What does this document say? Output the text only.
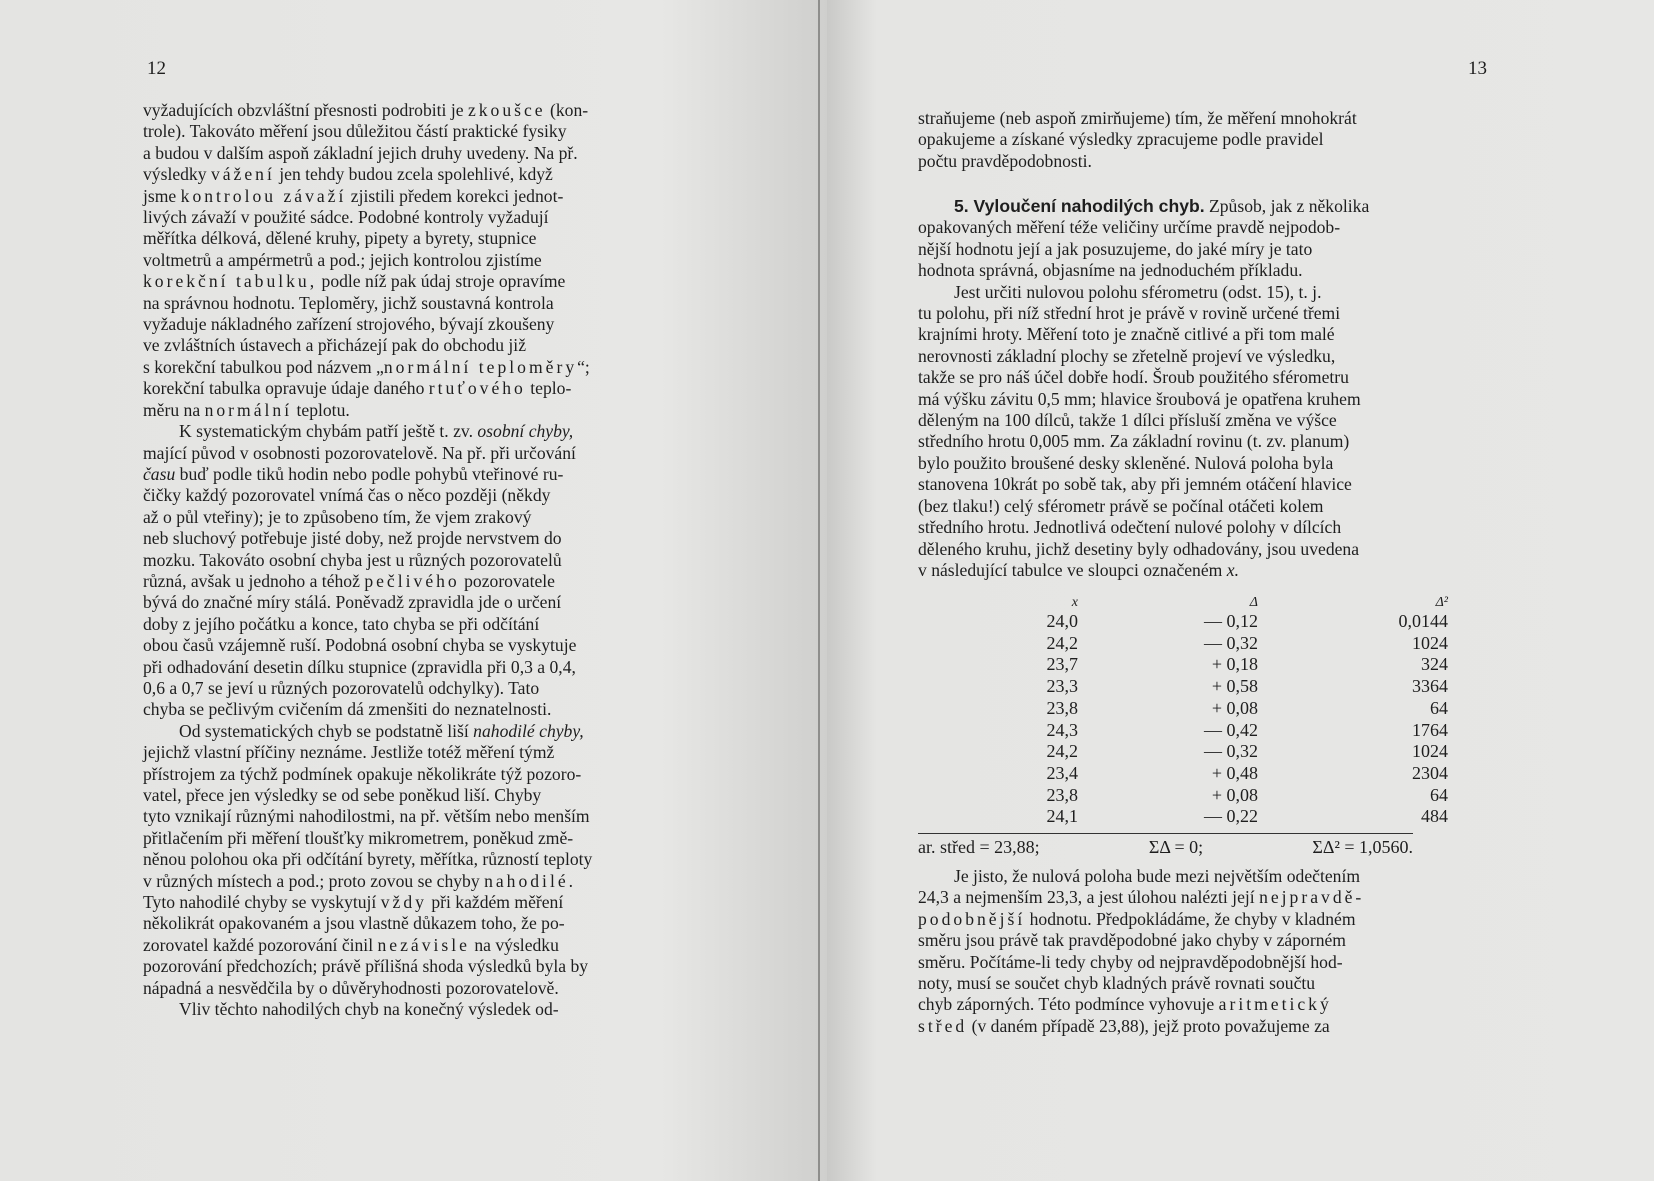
12

vyžadujících obzvláštní přesnosti podrobiti je zkoušce (kon-

trole). Takováto měření jsou důležitou částí praktické fysiky

a budou v dalším aspoň základní jejich druhy uvedeny. Na př.

výsledky vážení jen tehdy budou zcela spolehlivé, když

jsme kontrolou závaží zjistili předem korekci jednot-

livých závaží v použité sádce. Podobné kontroly vyžadují

měřítka délková, dělené kruhy, pipety a byrety, stupnice

voltmetrů a ampérmetrů a pod.; jejich kontrolou zjistíme

korekční tabulku, podle níž pak údaj stroje opravíme

na správnou hodnotu. Teploměry, jichž soustavná kontrola

vyžaduje nákladného zařízení strojového, bývají zkoušeny

ve zvláštních ústavech a přicházejí pak do obchodu již

s korekční tabulkou pod názvem „normální teploměry“;

korekční tabulka opravuje údaje daného rtuťového teplo-

měru na normální teplotu.

K systematickým chybám patří ještě t. zv. osobní chyby,

mající původ v osobnosti pozorovatelově. Na př. při určování

času buď podle tiků hodin nebo podle pohybů vteřinové ru-

čičky každý pozorovatel vnímá čas o něco později (někdy

až o půl vteřiny); je to způsobeno tím, že vjem zrakový

neb sluchový potřebuje jisté doby, než projde nervstvem do

mozku. Takováto osobní chyba jest u různých pozorovatelů

různá, avšak u jednoho a téhož pečlivého pozorovatele

bývá do značné míry stálá. Poněvadž zpravidla jde o určení

doby z jejího počátku a konce, tato chyba se při odčítání

obou časů vzájemně ruší. Podobná osobní chyba se vyskytuje

při odhadování desetin dílku stupnice (zpravidla při 0,3 a 0,4,

0,6 a 0,7 se jeví u různých pozorovatelů odchylky). Tato

chyba se pečlivým cvičením dá zmenšiti do neznatelnosti.

Od systematických chyb se podstatně liší nahodilé chyby,

jejichž vlastní příčiny neznáme. Jestliže totéž měření týmž

přístrojem za týchž podmínek opakuje několikráte týž pozoro-

vatel, přece jen výsledky se od sebe poněkud liší. Chyby

tyto vznikají různými nahodilostmi, na př. větším nebo menším

přitlačením při měření tloušťky mikrometrem, poněkud změ-

něnou polohou oka při odčítání byrety, měřítka, růzností teploty

v různých místech a pod.; proto zovou se chyby nahodilé.

Tyto nahodilé chyby se vyskytují vždy při každém měření

několikrát opakovaném a jsou vlastně důkazem toho, že po-

zorovatel každé pozorování činil nezávisle na výsledku

pozorování předchozích; právě přílišná shoda výsledků byla by

nápadná a nesvědčila by o důvěryhodnosti pozorovatelově.

Vliv těchto nahodilých chyb na konečný výsledek od-

13

straňujeme (neb aspoň zmirňujeme) tím, že měření mnohokrát

opakujeme a získané výsledky zpracujeme podle pravidel

počtu pravděpodobnosti.

5. Vyloučení nahodilých chyb. Způsob, jak z několika

opakovaných měření téže veličiny určíme pravdě nejpodob-

nější hodnotu její a jak posuzujeme, do jaké míry je tato

hodnota správná, objasníme na jednoduchém příkladu.

Jest určiti nulovou polohu sférometru (odst. 15), t. j.

tu polohu, při níž střední hrot je právě v rovině určené třemi

krajními hroty. Měření toto je značně citlivé a při tom malé

nerovnosti základní plochy se zřetelně projeví ve výsledku,

takže se pro náš účel dobře hodí. Šroub použitého sférometru

má výšku závitu 0,5 mm; hlavice šroubová je opatřena kruhem

děleným na 100 dílců, takže 1 dílci přísluší změna ve výšce

středního hrotu 0,005 mm. Za základní rovinu (t. zv. planum)

bylo použito broušené desky skleněné. Nulová poloha byla

stanovena 10krát po sobě tak, aby při jemném otáčení hlavice

(bez tlaku!) celý sférometr právě se počínal otáčeti kolem

středního hrotu. Jednotlivá odečtení nulové polohy v dílcích

děleného kruhu, jichž desetiny byly odhadovány, jsou uvedena

v následující tabulce ve sloupci označeném x.

x	Δ	Δ²	
24,0	— 0,12	0,0144	
24,2	— 0,32	1024	
23,7	+ 0,18	324	
23,3	+ 0,58	3364	
23,8	+ 0,08	64	
24,3	— 0,42	1764	
24,2	— 0,32	1024	
23,4	+ 0,48	2304	
23,8	+ 0,08	64	
24,1	— 0,22	484	
ar. střed = 23,88;	ΣΔ = 0;	ΣΔ² = 1,0560.

Je jisto, že nulová poloha bude mezi největším odečtením

24,3 a nejmenším 23,3, a jest úlohou nalézti její nejpravdě-

podobnější hodnotu. Předpokládáme, že chyby v kladném

směru jsou právě tak pravděpodobné jako chyby v záporném

směru. Počítáme-li tedy chyby od nejpravděpodobnější hod-

noty, musí se součet chyb kladných právě rovnati součtu

chyb záporných. Této podmínce vyhovuje aritmetický

střed (v daném případě 23,88), jejž proto považujeme za
